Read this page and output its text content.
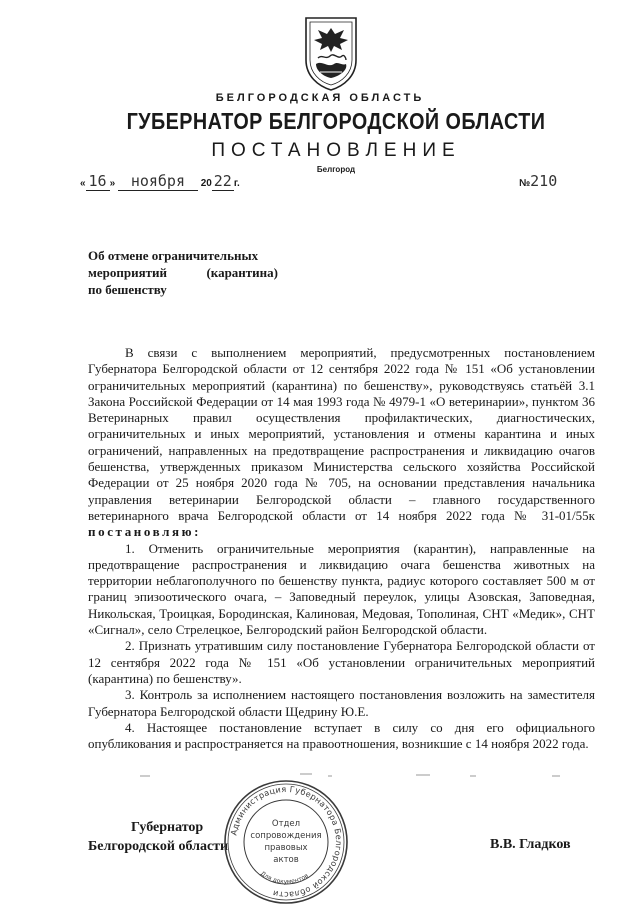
БЕЛГОРОДСКАЯ ОБЛАСТЬ
ГУБЕРНАТОР БЕЛГОРОДСКОЙ ОБЛАСТИ
ПОСТАНОВЛЕНИЕ
Белгород
« 16 » ноября 20 22 г.	№210
Об отмене ограничительных
мероприятий	(карантина)
по бешенству

В связи с выполнением мероприятий, предусмотренных постановлением Губернатора Белгородской области от 12 сентября 2022 года № 151 «Об установлении ограничительных мероприятий (карантина) по бешенству», руководствуясь статьёй 3.1 Закона Российской Федерации от 14 мая 1993 года № 4979-1 «О ветеринарии», пунктом 36 Ветеринарных правил осуществления профилактических, диагностических, ограничительных и иных мероприятий, установления и отмены карантина и иных ограничений, направленных на предотвращение распространения и ликвидацию очагов бешенства, утвержденных приказом Министерства сельского хозяйства Российской Федерации от 25 ноября 2020 года № 705, на основании представления начальника управления ветеринарии Белгородской области – главного государственного ветеринарного врача Белгородской области от 14 ноября 2022 года № 31-01/55к постановляю:

1. Отменить ограничительные мероприятия (карантин), направленные на предотвращение распространения и ликвидацию очага бешенства животных на территории неблагополучного по бешенству пункта, радиус которого составляет 500 м от границ эпизоотического очага, – Заповедный переулок, улицы Азовская, Заповедная, Никольская, Троицкая, Бородинская, Калиновая, Медовая, Тополиная, СНТ «Медик», СНТ «Сигнал», село Стрелецкое, Белгородский район Белгородской области.

2. Признать утратившим силу постановление Губернатора Белгородской области от 12 сентября 2022 года № 151 «Об установлении ограничительных мероприятий (карантина) по бешенству».

3. Контроль за исполнением настоящего постановления возложить на заместителя Губернатора Белгородской области Щедрину Ю.Е.

4. Настоящее постановление вступает в силу со дня его официального опубликования и распространяется на правоотношения, возникшие с 14 ноября 2022 года.

Губернатор
Белгородской области	В.В. Гладков
Администрация Губернатора Белгородской области
Для документов
Отдел
сопровождения
правовых
актов
